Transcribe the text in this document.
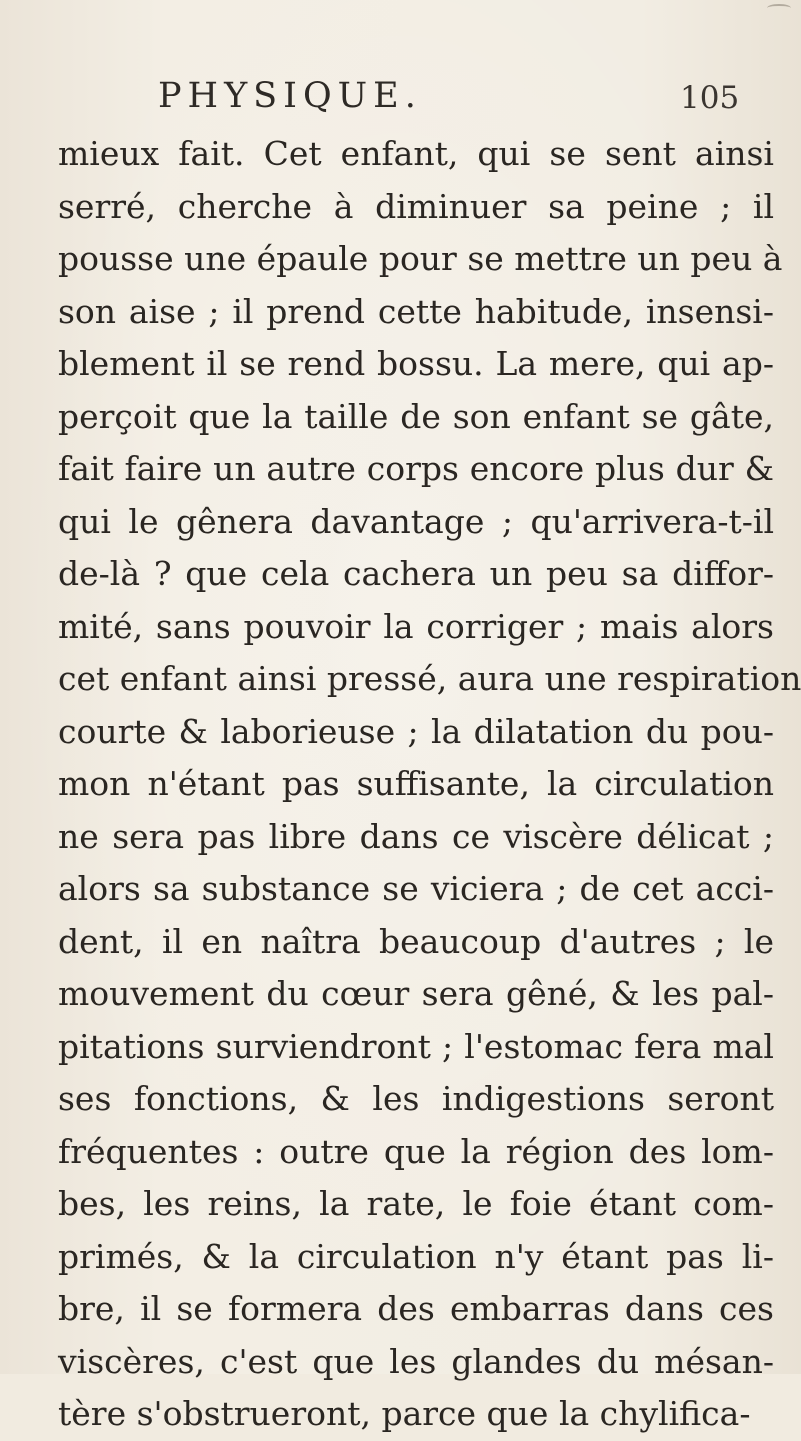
PHYSIQUE.	105
mieux fait. Cet enfant, qui se sent ainsi
serré, cherche à diminuer sa peine ; il
pousse une épaule pour se mettre un peu à
son aise ; il prend cette habitude, insensi-
blement il se rend bossu. La mere, qui ap-
perçoit que la taille de son enfant se gâte,
fait faire un autre corps encore plus dur &
qui le gênera davantage ; qu'arrivera-t-il
de-là ? que cela cachera un peu sa diffor-
mité, sans pouvoir la corriger ; mais alors
cet enfant ainsi pressé, aura une respiration
courte & laborieuse ; la dilatation du pou-
mon n'étant pas suffisante, la circulation
ne sera pas libre dans ce viscère délicat ;
alors sa substance se viciera ; de cet acci-
dent, il en naîtra beaucoup d'autres ; le
mouvement du cœur sera gêné, & les pal-
pitations surviendront ; l'estomac fera mal
ses fonctions, & les indigestions seront
fréquentes : outre que la région des lom-
bes, les reins, la rate, le foie étant com-
primés, & la circulation n'y étant pas li-
bre, il se formera des embarras dans ces
viscères, c'est que les glandes du mésan-
tère s'obstrueront, parce que la chylifica-
